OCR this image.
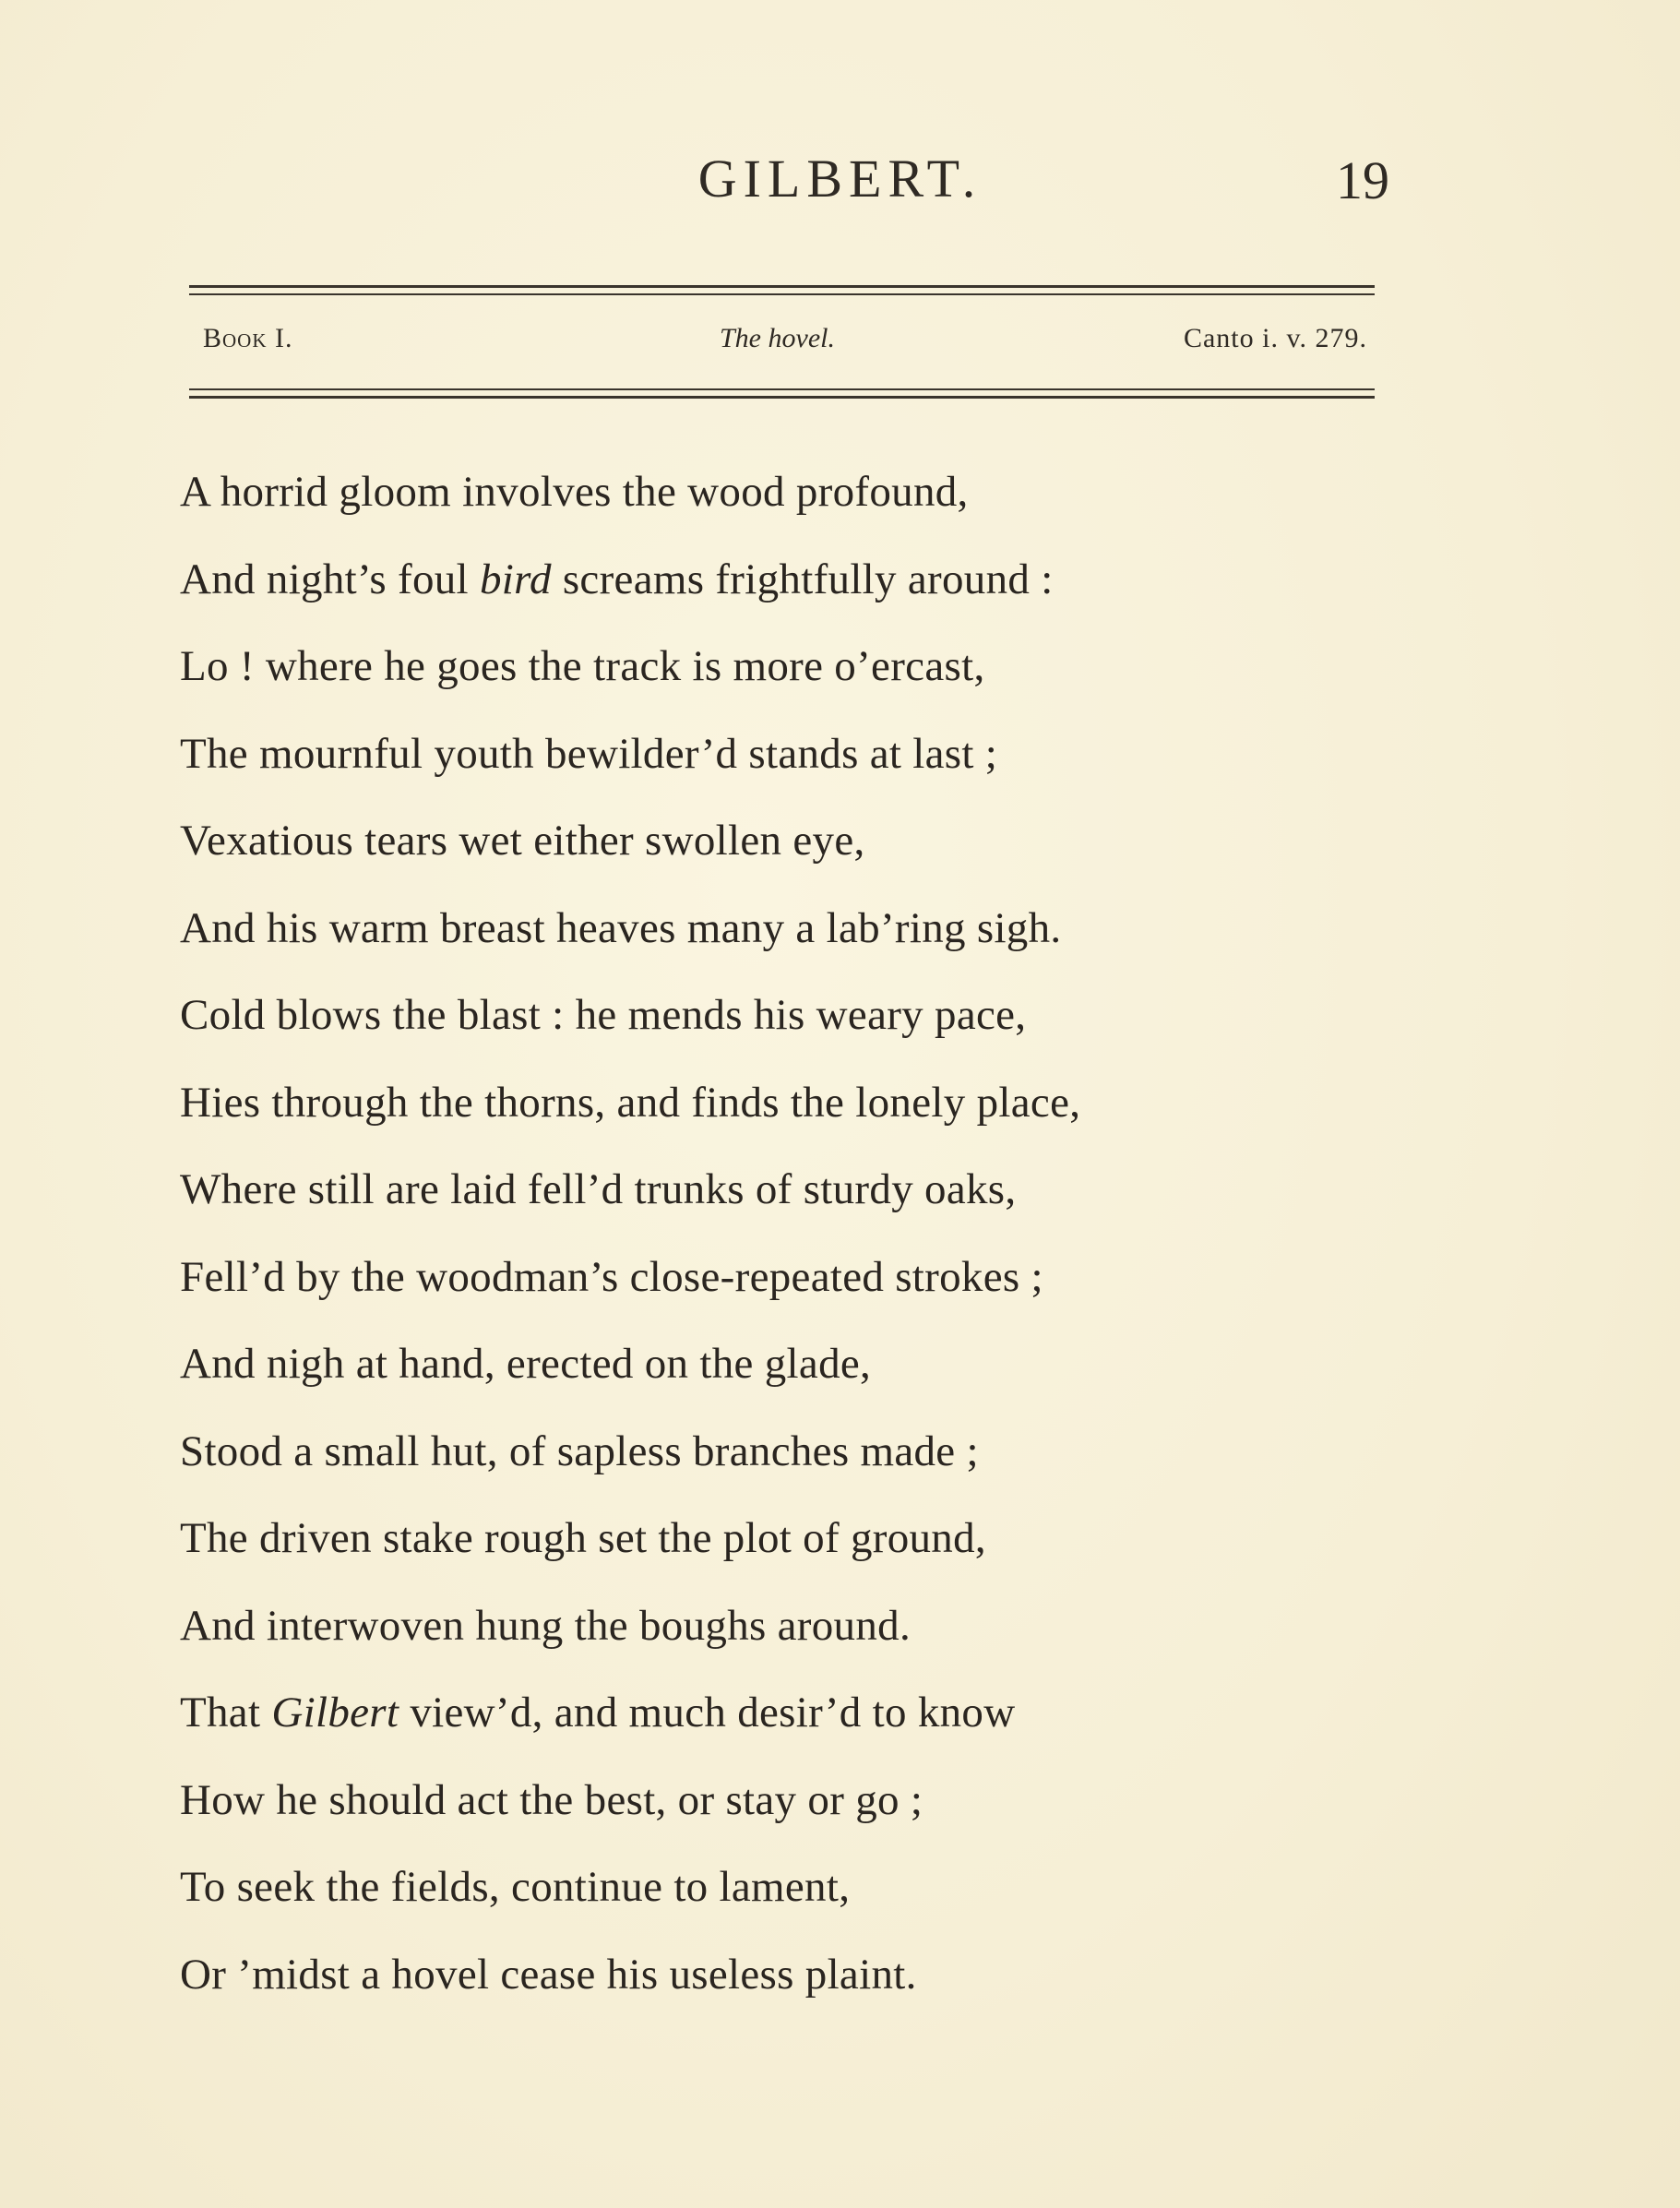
GILBERT.	19
Book I.	The hovel.	Canto i. v. 279.
A horrid gloom involves the wood profound,
And night’s foul bird screams frightfully around :
Lo ! where he goes the track is more o’ercast,
The mournful youth bewilder’d stands at last ;
Vexatious tears wet either swollen eye,
And his warm breast heaves many a lab’ring sigh.
Cold blows the blast : he mends his weary pace,
Hies through the thorns, and finds the lonely place,
Where still are laid fell’d trunks of sturdy oaks,
Fell’d by the woodman’s close-repeated strokes ;
And nigh at hand, erected on the glade,
Stood a small hut, of sapless branches made ;
The driven stake rough set the plot of ground,
And interwoven hung the boughs around.
That Gilbert view’d, and much desir’d to know
How he should act the best, or stay or go ;
To seek the fields, continue to lament,
Or ’midst a hovel cease his useless plaint.
